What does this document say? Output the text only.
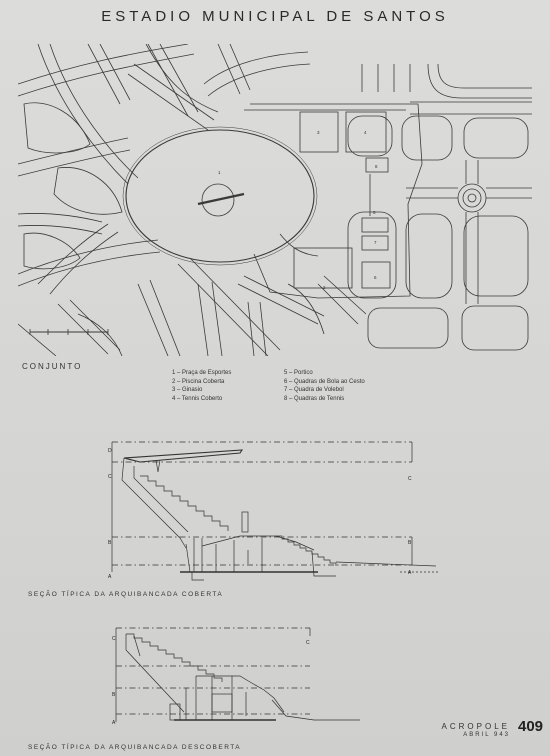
ESTADIO MUNICIPAL DE SANTOS
1
2
3	4
5
6
7
8
CONJUNTO
1 – Praça de Esportes
2 – Piscina Coberta
3 – Ginasio
4 – Tennis Coberto
5 – Portico
6 – Quadras de Bola ao Cesto
7 – Quadra de Volebol
8 – Quadras de Tennis
D
C	C
B	B
A
A
SEÇÃO TÍPICA DA ARQUIBANCADA COBERTA
C
C
B
A
SEÇÃO TÍPICA DA ARQUIBANCADA DESCOBERTA
ACROPOLE
ABRIL 943 409
